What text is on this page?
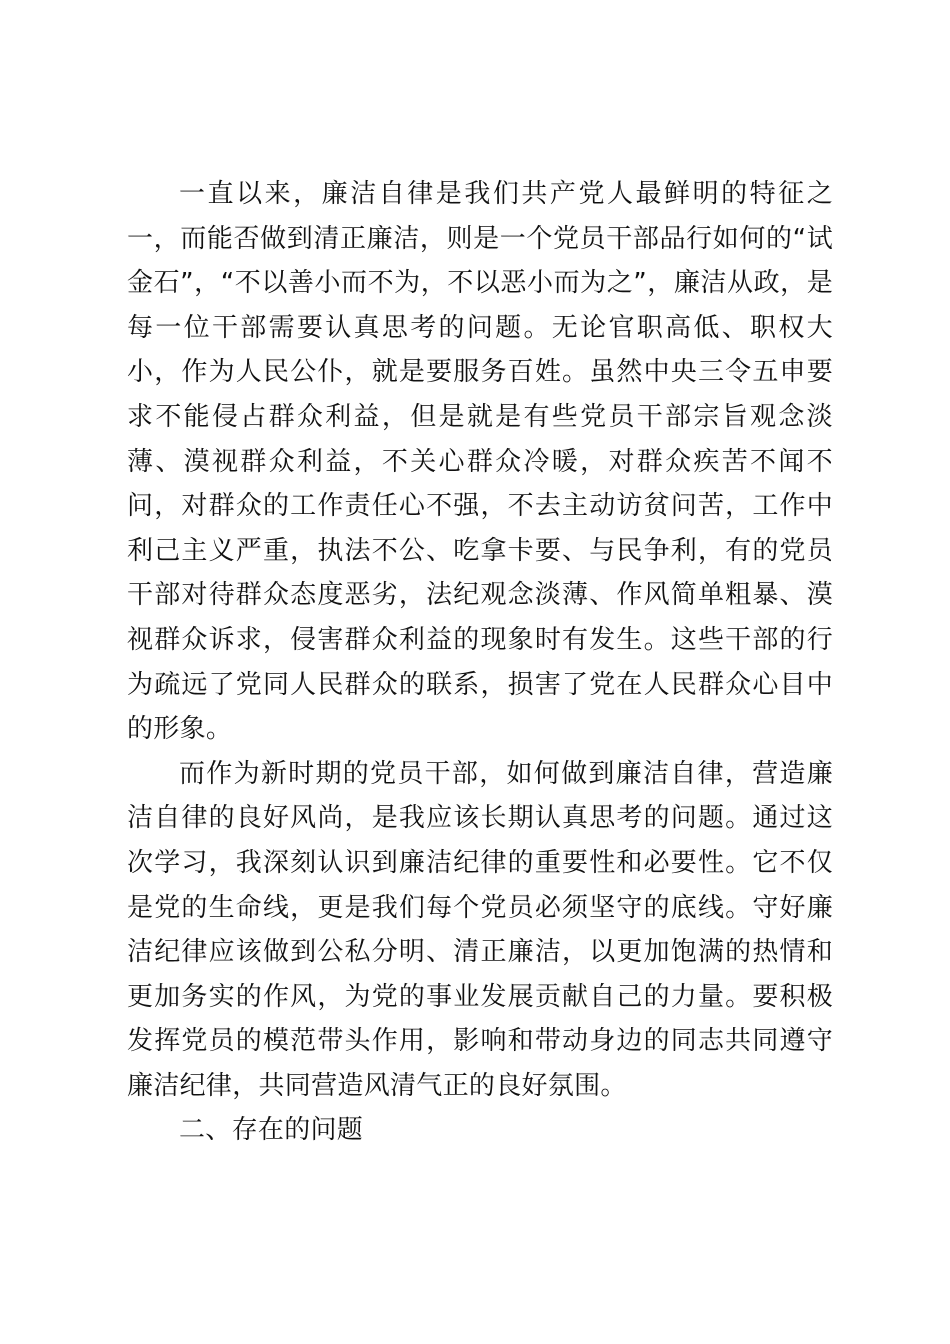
一直以来，廉洁自律是我们共产党人最鲜明的特征之一，而能否做到清正廉洁，则是一个党员干部品行如何的“试金石”，“不以善小而不为，不以恶小而为之”，廉洁从政，是每一位干部需要认真思考的问题。无论官职高低、职权大小，作为人民公仆，就是要服务百姓。虽然中央三令五申要求不能侵占群众利益，但是就是有些党员干部宗旨观念淡薄、漠视群众利益，不关心群众冷暖，对群众疾苦不闻不问，对群众的工作责任心不强，不去主动访贫问苦，工作中利己主义严重，执法不公、吃拿卡要、与民争利，有的党员干部对待群众态度恶劣，法纪观念淡薄、作风简单粗暴、漠视群众诉求，侵害群众利益的现象时有发生。这些干部的行为疏远了党同人民群众的联系，损害了党在人民群众心目中的形象。

而作为新时期的党员干部，如何做到廉洁自律，营造廉洁自律的良好风尚，是我应该长期认真思考的问题。通过这次学习，我深刻认识到廉洁纪律的重要性和必要性。它不仅是党的生命线，更是我们每个党员必须坚守的底线。守好廉洁纪律应该做到公私分明、清正廉洁，以更加饱满的热情和更加务实的作风，为党的事业发展贡献自己的力量。要积极发挥党员的模范带头作用，影响和带动身边的同志共同遵守廉洁纪律，共同营造风清气正的良好氛围。

二、存在的问题
